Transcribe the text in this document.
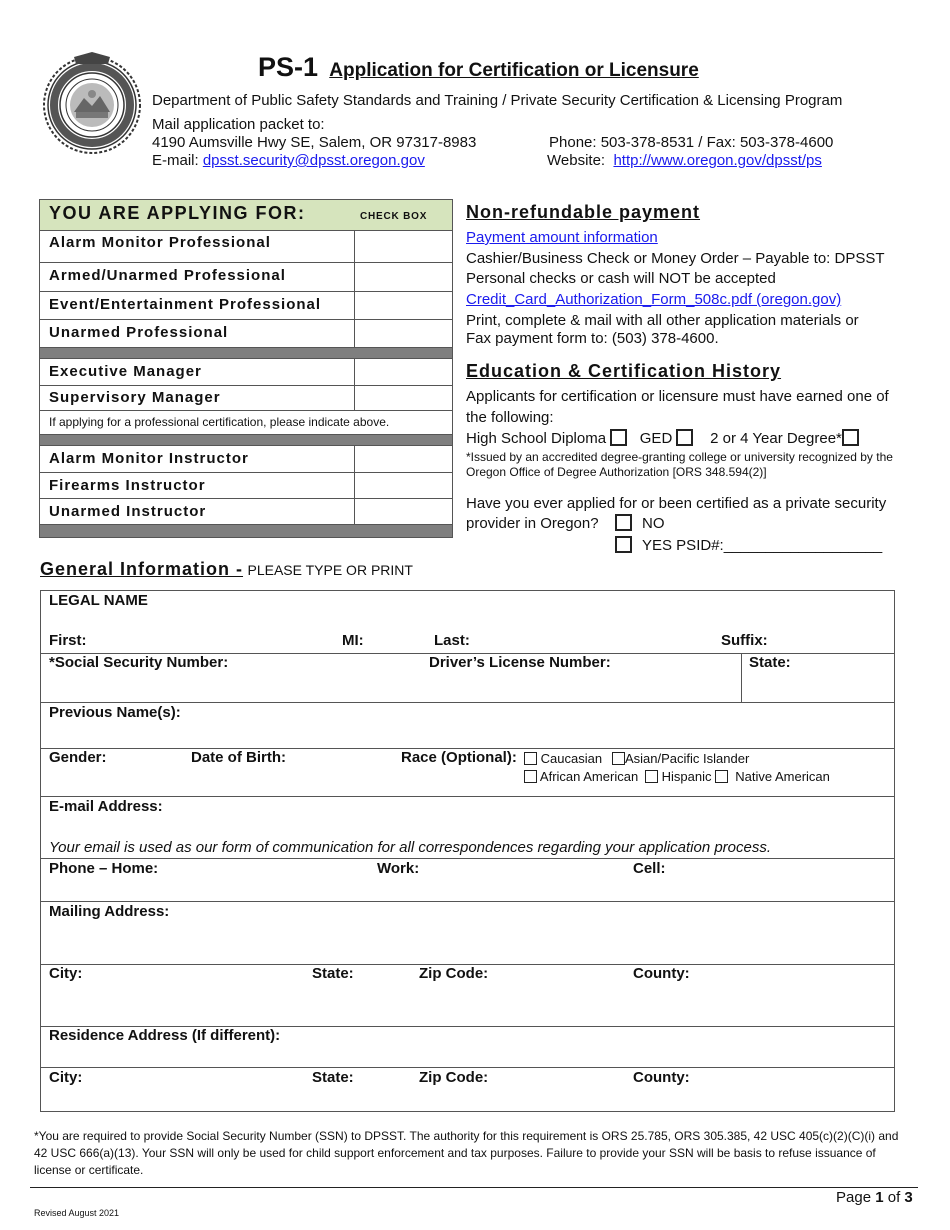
PS-1 Application for Certification or Licensure
Department of Public Safety Standards and Training / Private Security Certification & Licensing Program
Mail application packet to:
4190 Aumsville Hwy SE, Salem, OR 97317-8983
E-mail: dpsst.security@dpsst.oregon.gov
Phone: 503-378-8531 / Fax: 503-378-4600
Website: http://www.oregon.gov/dpsst/ps
YOU ARE APPLYING FOR:	CHECK BOX
Alarm Monitor Professional
Armed/Unarmed Professional
Event/Entertainment Professional
Unarmed Professional
Executive Manager
Supervisory Manager
If applying for a professional certification, please indicate above.
Alarm Monitor Instructor
Firearms Instructor
Unarmed Instructor
Non-refundable payment
Payment amount information
Cashier/Business Check or Money Order – Payable to: DPSST
Personal checks or cash will NOT be accepted
Credit_Card_Authorization_Form_508c.pdf (oregon.gov)
Print, complete & mail with all other application materials or
Fax payment form to: (503) 378-4600.
Education & Certification History
Applicants for certification or licensure must have earned one of
the following:
High School Diploma GED	2 or 4 Year Degree*
*Issued by an accredited degree-granting college or university recognized by the
Oregon Office of Degree Authorization [ORS 348.594(2)]
Have you ever applied for or been certified as a private security
provider in Oregon?	NO
YES PSID#:___________________
General Information - PLEASE TYPE OR PRINT
LEGAL NAME
First:	MI:	Last:	Suffix:
*Social Security Number:	Driver’s License Number:	State:
Previous Name(s):
Gender:	Date of Birth:	Race (Optional):	Caucasian	Asian/Pacific Islander
African American	Hispanic	Native American
E-mail Address:
Your email is used as our form of communication for all correspondences regarding your application process.
Phone – Home:	Work:	Cell:
Mailing Address:
City:	State:	Zip Code:	County:
Residence Address (If different):
City:	State:	Zip Code:	County:
*You are required to provide Social Security Number (SSN) to DPSST. The authority for this requirement is ORS 25.785, ORS 305.385, 42 USC 405(c)(2)(C)(i) and 42 USC 666(a)(13). Your SSN will only be used for child support enforcement and tax purposes. Failure to provide your SSN will be basis to refuse issuance of license or certificate.
Page 1 of 3
Revised August 2021
